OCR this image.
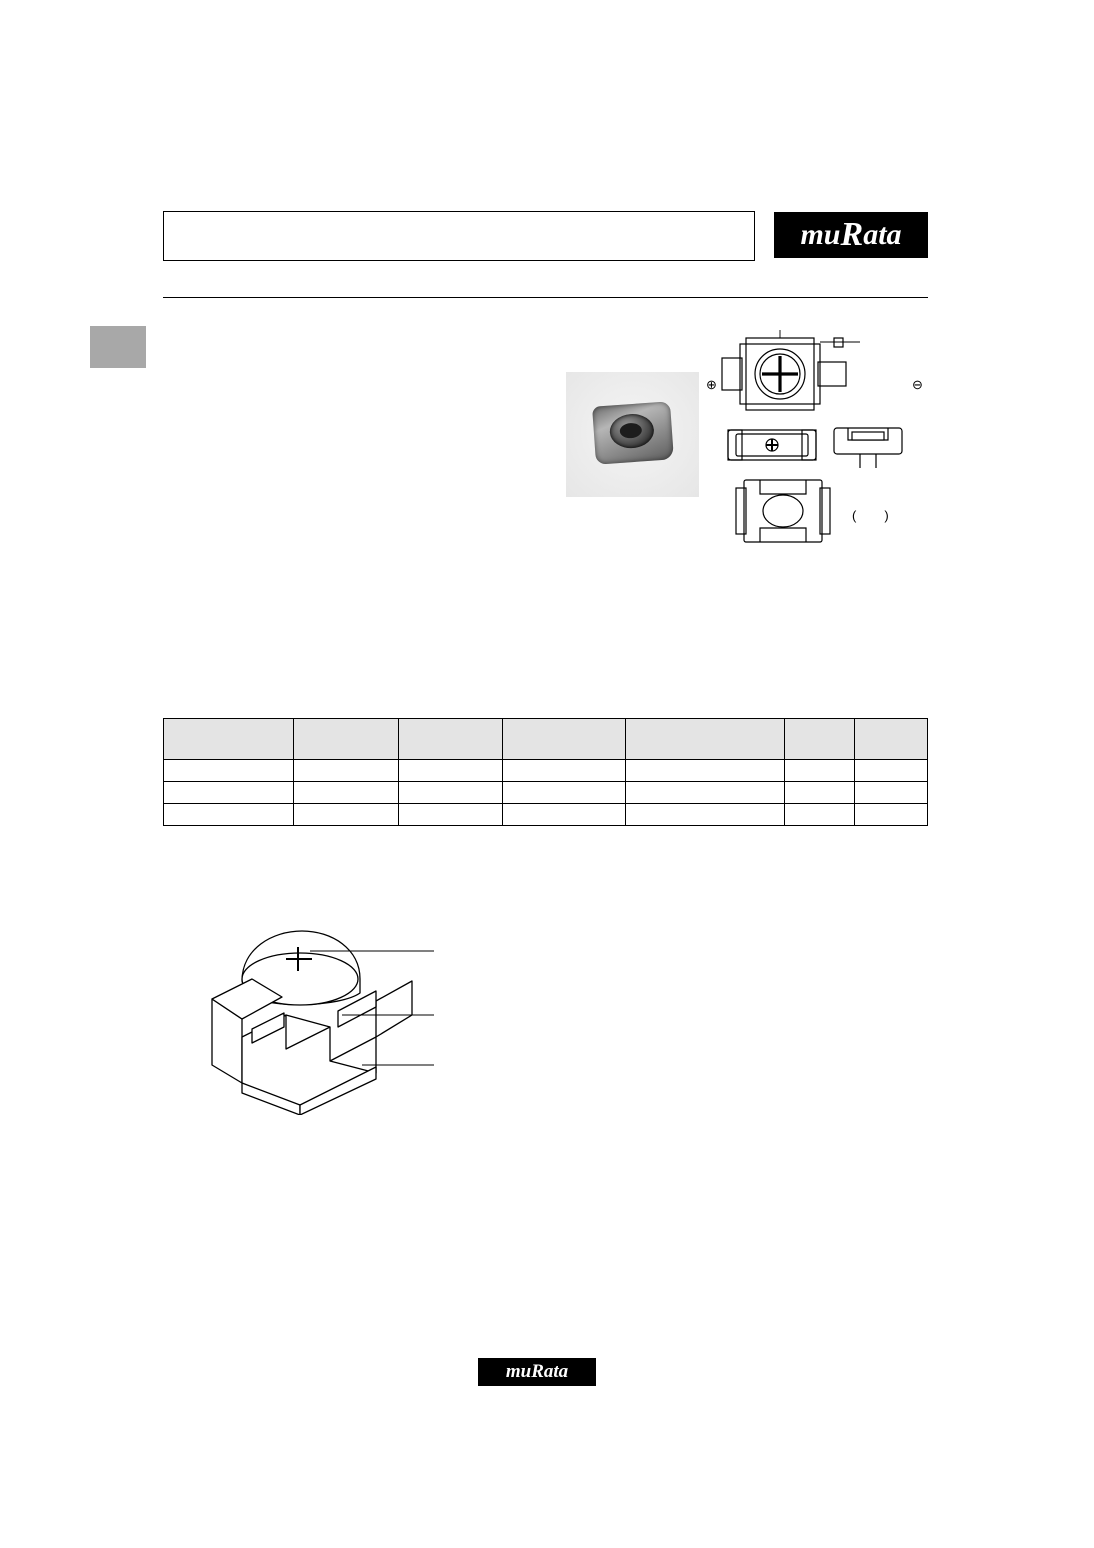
mu R ata
⊕	⊖
( )

mu R ata
